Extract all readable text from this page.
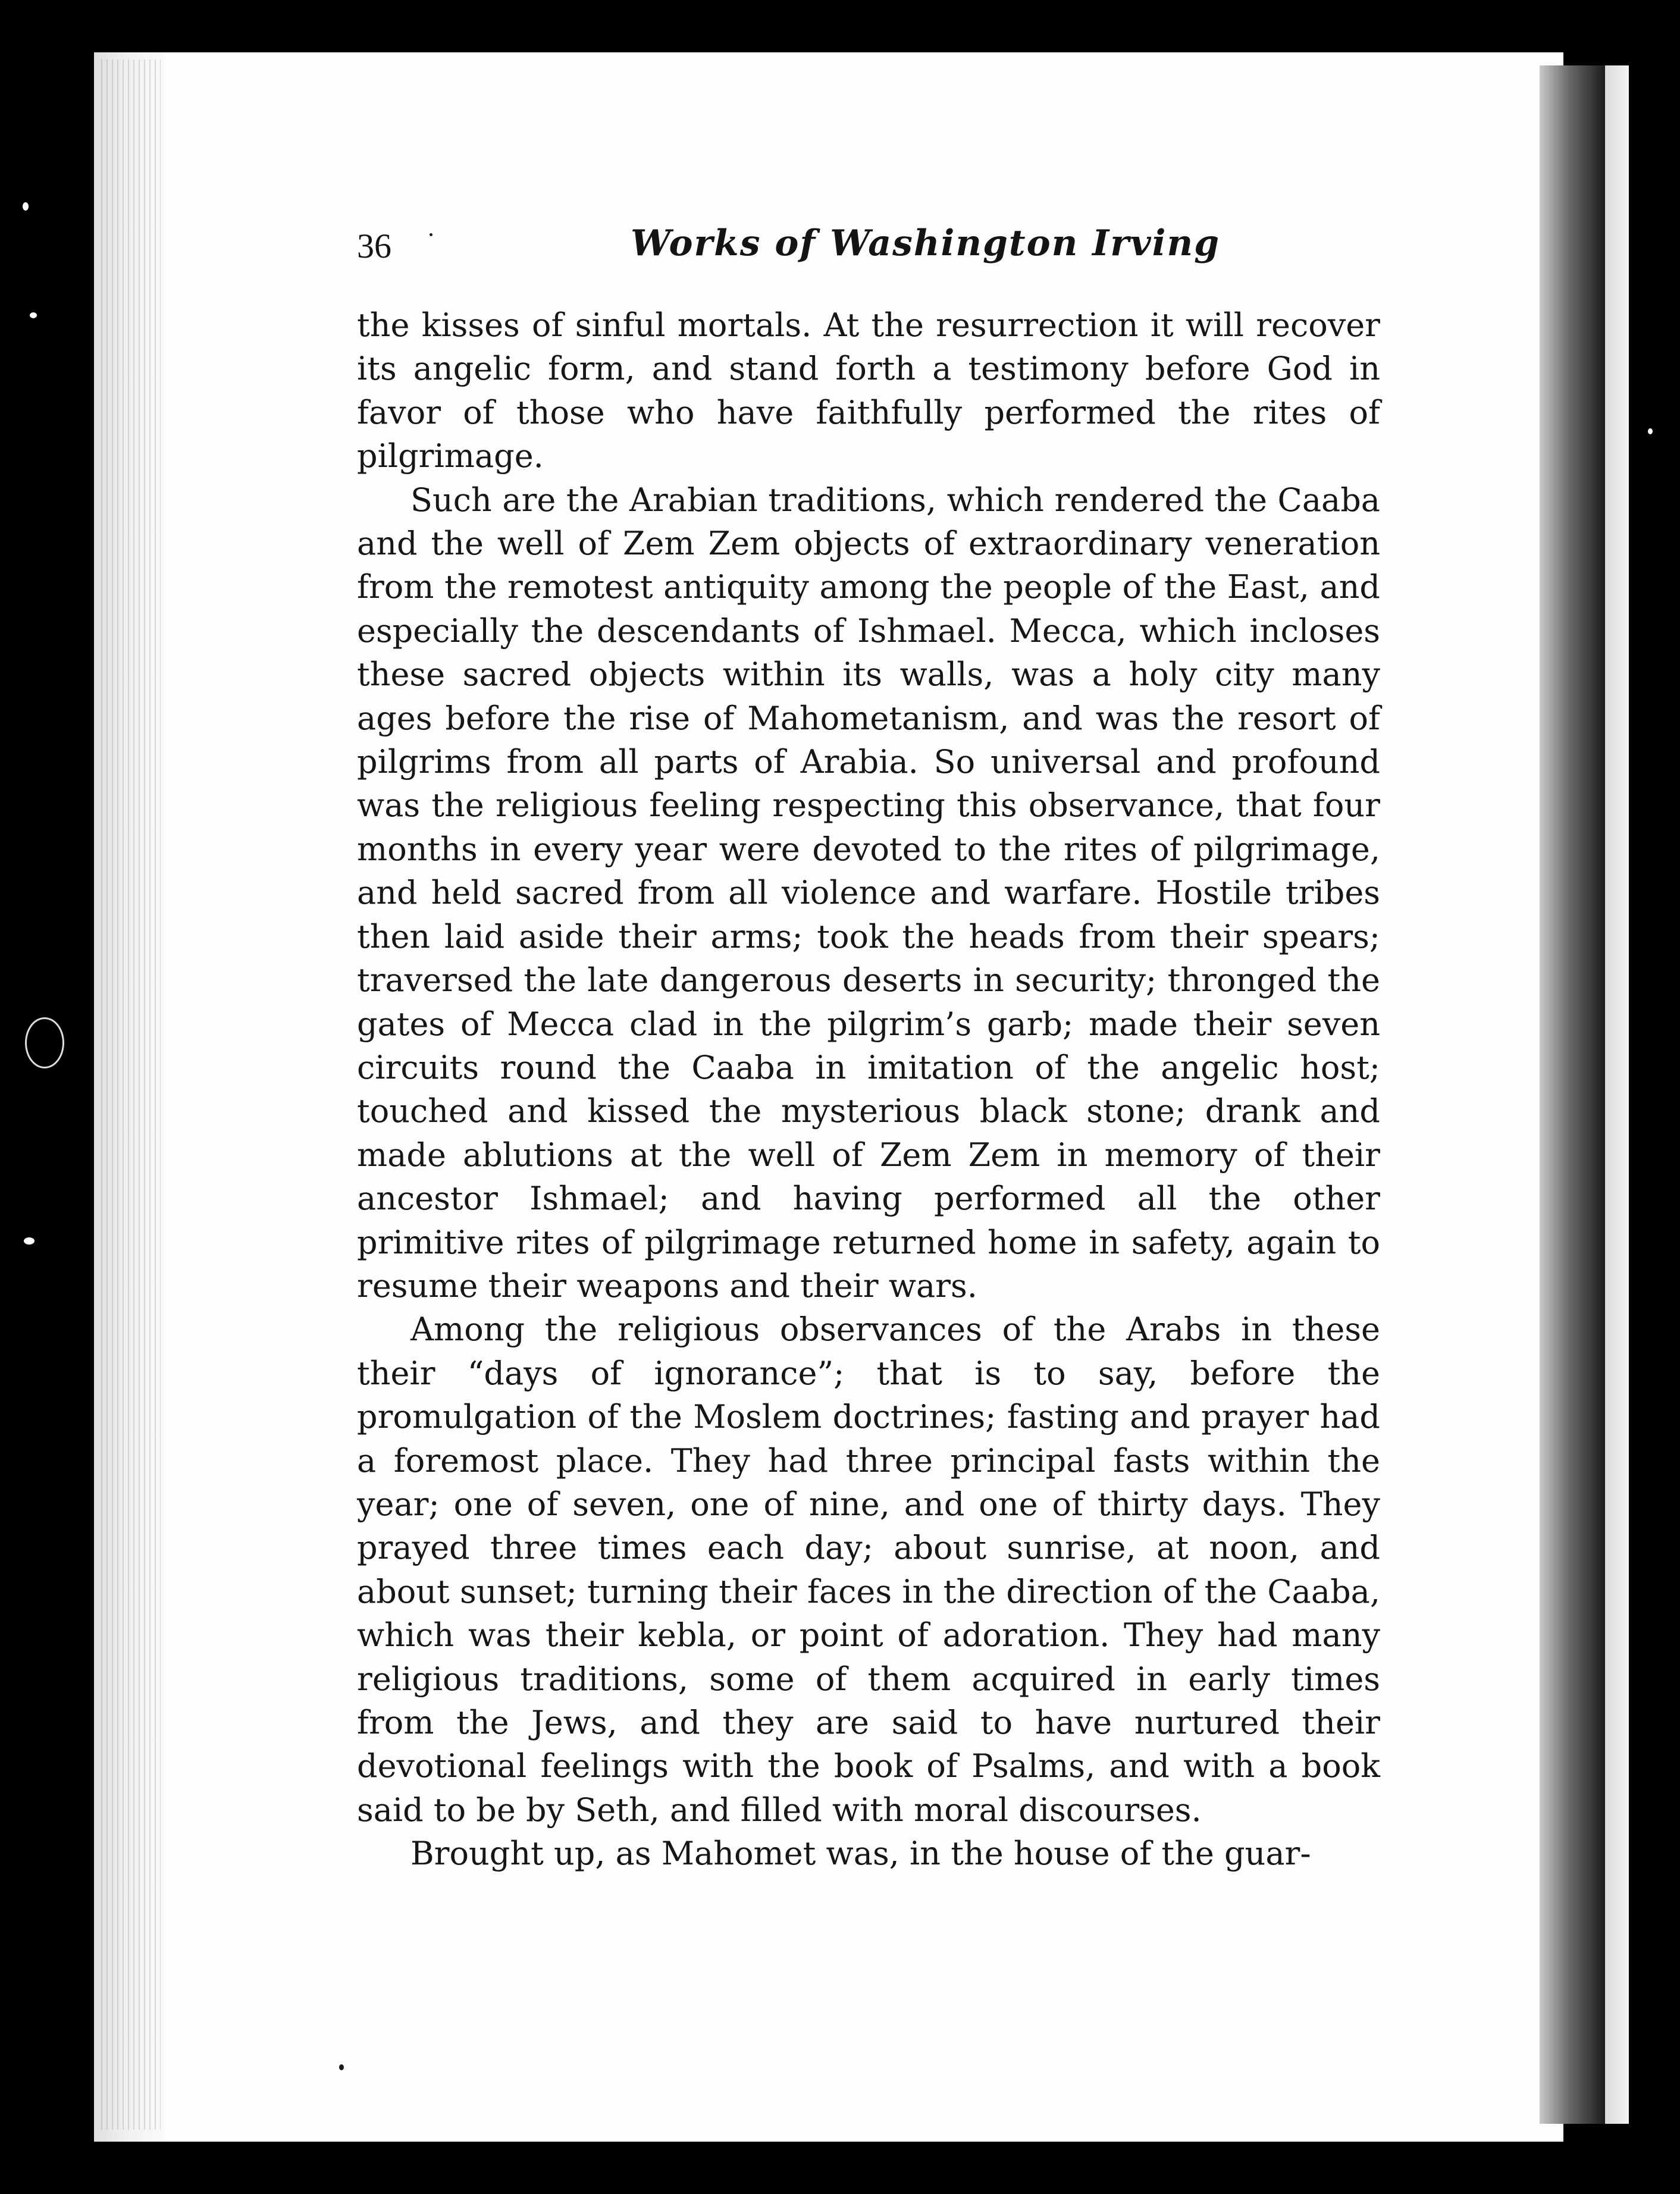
36	Works of Washington Irving

the kisses of sinful mortals. At the resurrection it will recover its angelic form, and stand forth a testimony before God in favor of those who have faithfully performed the rites of pilgrimage.

Such are the Arabian traditions, which rendered the Caaba and the well of Zem Zem objects of extraordinary veneration from the remotest antiquity among the people of the East, and especially the descendants of Ishmael. Mecca, which incloses these sacred objects within its walls, was a holy city many ages before the rise of Mahometanism, and was the resort of pilgrims from all parts of Arabia. So universal and profound was the religious feeling respecting this observance, that four months in every year were devoted to the rites of pilgrimage, and held sacred from all violence and warfare. Hostile tribes then laid aside their arms; took the heads from their spears; traversed the late dangerous deserts in security; thronged the gates of Mecca clad in the pilgrim’s garb; made their seven circuits round the Caaba in imitation of the angelic host; touched and kissed the mysterious black stone; drank and made ablutions at the well of Zem Zem in memory of their ancestor Ishmael; and having performed all the other primitive rites of pilgrimage returned home in safety, again to resume their weapons and their wars.

Among the religious observances of the Arabs in these their “days of ignorance”; that is to say, before the promulgation of the Moslem doctrines; fasting and prayer had a foremost place. They had three principal fasts within the year; one of seven, one of nine, and one of thirty days. They prayed three times each day; about sunrise, at noon, and about sunset; turning their faces in the direction of the Caaba, which was their kebla, or point of adoration. They had many religious traditions, some of them acquired in early times from the Jews, and they are said to have nurtured their devotional feelings with the book of Psalms, and with a book said to be by Seth, and filled with moral discourses.

Brought up, as Mahomet was, in the house of the guar-
